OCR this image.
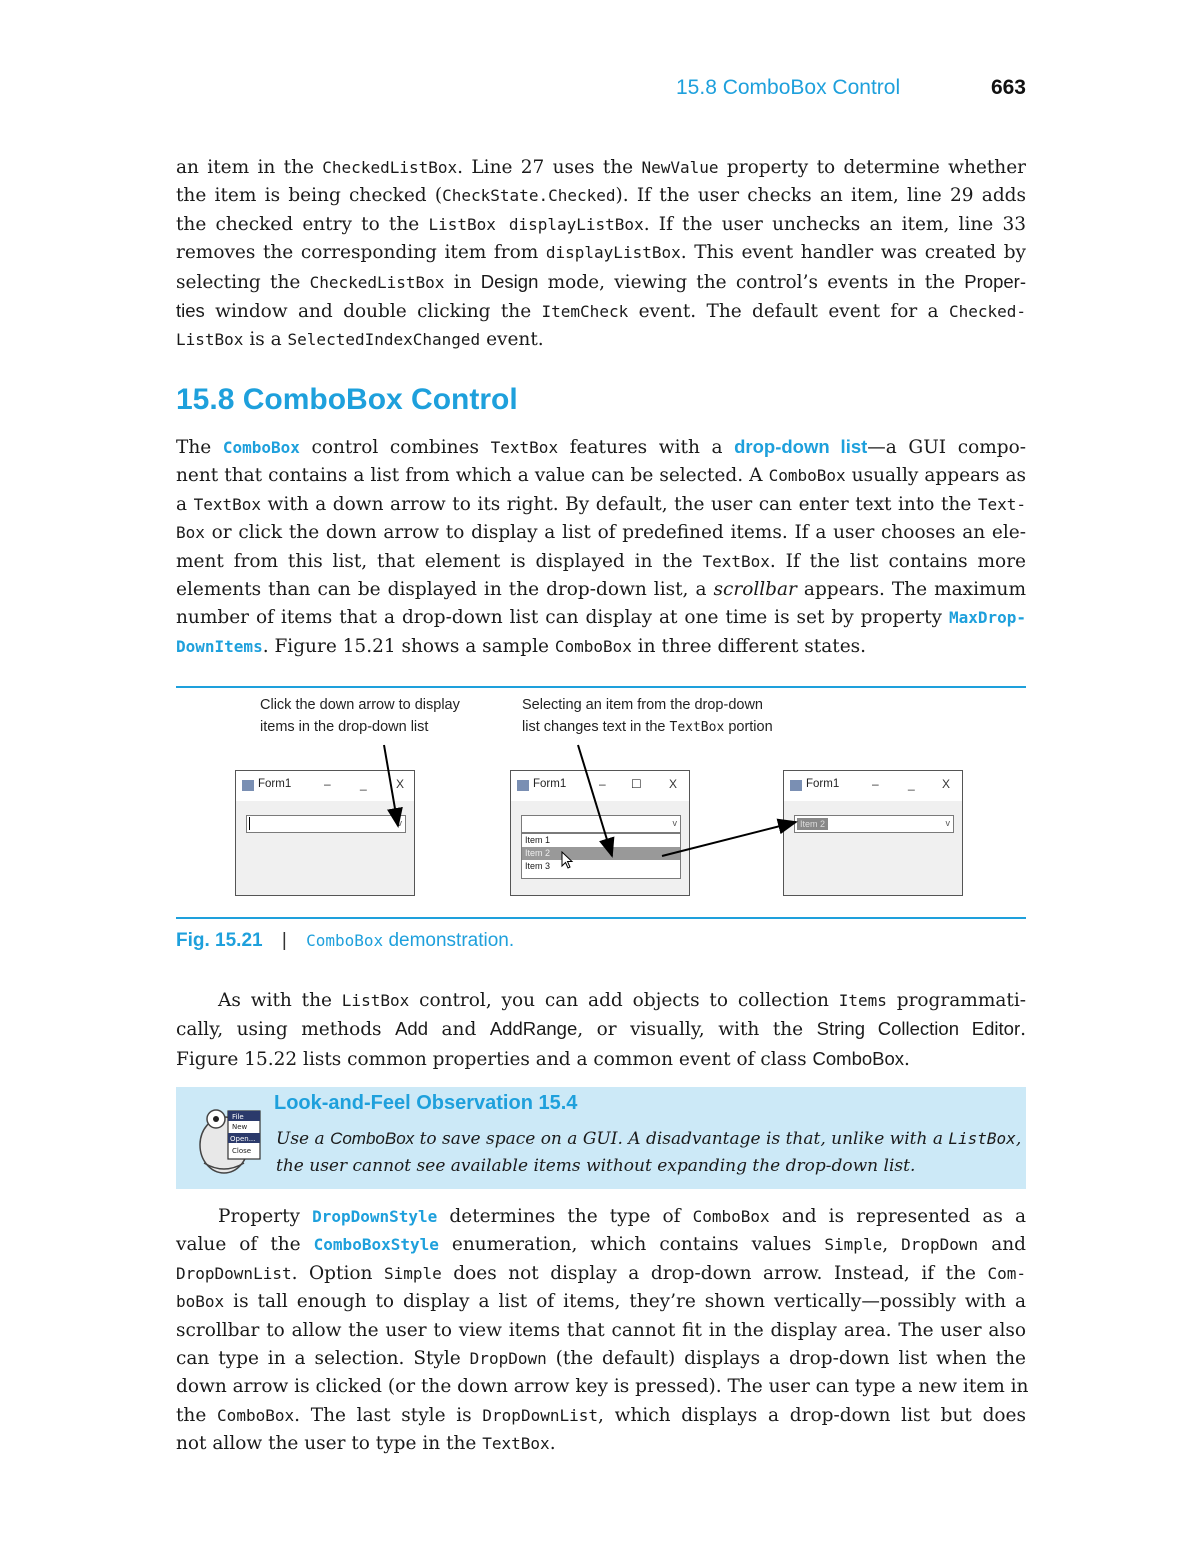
15.8 ComboBox Control	663
an item in the CheckedListBox. Line 27 uses the NewValue property to determine whether
the item is being checked (CheckState.Checked). If the user checks an item, line 29 adds
the checked entry to the ListBox displayListBox. If the user unchecks an item, line 33
removes the corresponding item from displayListBox. This event handler was created by
selecting the CheckedListBox in Design mode, viewing the control’s events in the Proper-
ties window and double clicking the ItemCheck event. The default event for a Checked-
ListBox is a SelectedIndexChanged event.
15.8 ComboBox Control
The ComboBox control combines TextBox features with a drop-down list—a GUI compo-
nent that contains a list from which a value can be selected. A ComboBox usually appears as
a TextBox with a down arrow to its right. By default, the user can enter text into the Text-
Box or click the down arrow to display a list of predefined items. If a user chooses an ele-
ment from this list, that element is displayed in the TextBox. If the list contains more
elements than can be displayed in the drop-down list, a scrollbar appears. The maximum
number of items that a drop-down list can display at one time is set by property MaxDrop-
DownItems. Figure 15.21 shows a sample ComboBox in three different states.
Click the down arrow to display
items in the drop-down list
Selecting an item from the drop-down
list changes text in the TextBox portion
Form1	– _ X
v
Form1	– ☐ X
v
Item 1
Item 2
Item 3
Form1	– _ X
Item 2	v
Fig. 15.21 | ComboBox demonstration.
As with the ListBox control, you can add objects to collection Items programmati-
cally, using methods Add and AddRange, or visually, with the String Collection Editor.
Figure 15.22 lists common properties and a common event of class ComboBox.
File
New
Open...
Close
Look-and-Feel Observation 15.4
Use a ComboBox to save space on a GUI. A disadvantage is that, unlike with a ListBox,
the user cannot see available items without expanding the drop-down list.
Property DropDownStyle determines the type of ComboBox and is represented as a
value of the ComboBoxStyle enumeration, which contains values Simple, DropDown and
DropDownList. Option Simple does not display a drop-down arrow. Instead, if the Com-
boBox is tall enough to display a list of items, they’re shown vertically—possibly with a
scrollbar to allow the user to view items that cannot fit in the display area. The user also
can type in a selection. Style DropDown (the default) displays a drop-down list when the
down arrow is clicked (or the down arrow key is pressed). The user can type a new item in
the ComboBox. The last style is DropDownList, which displays a drop-down list but does
not allow the user to type in the TextBox.
